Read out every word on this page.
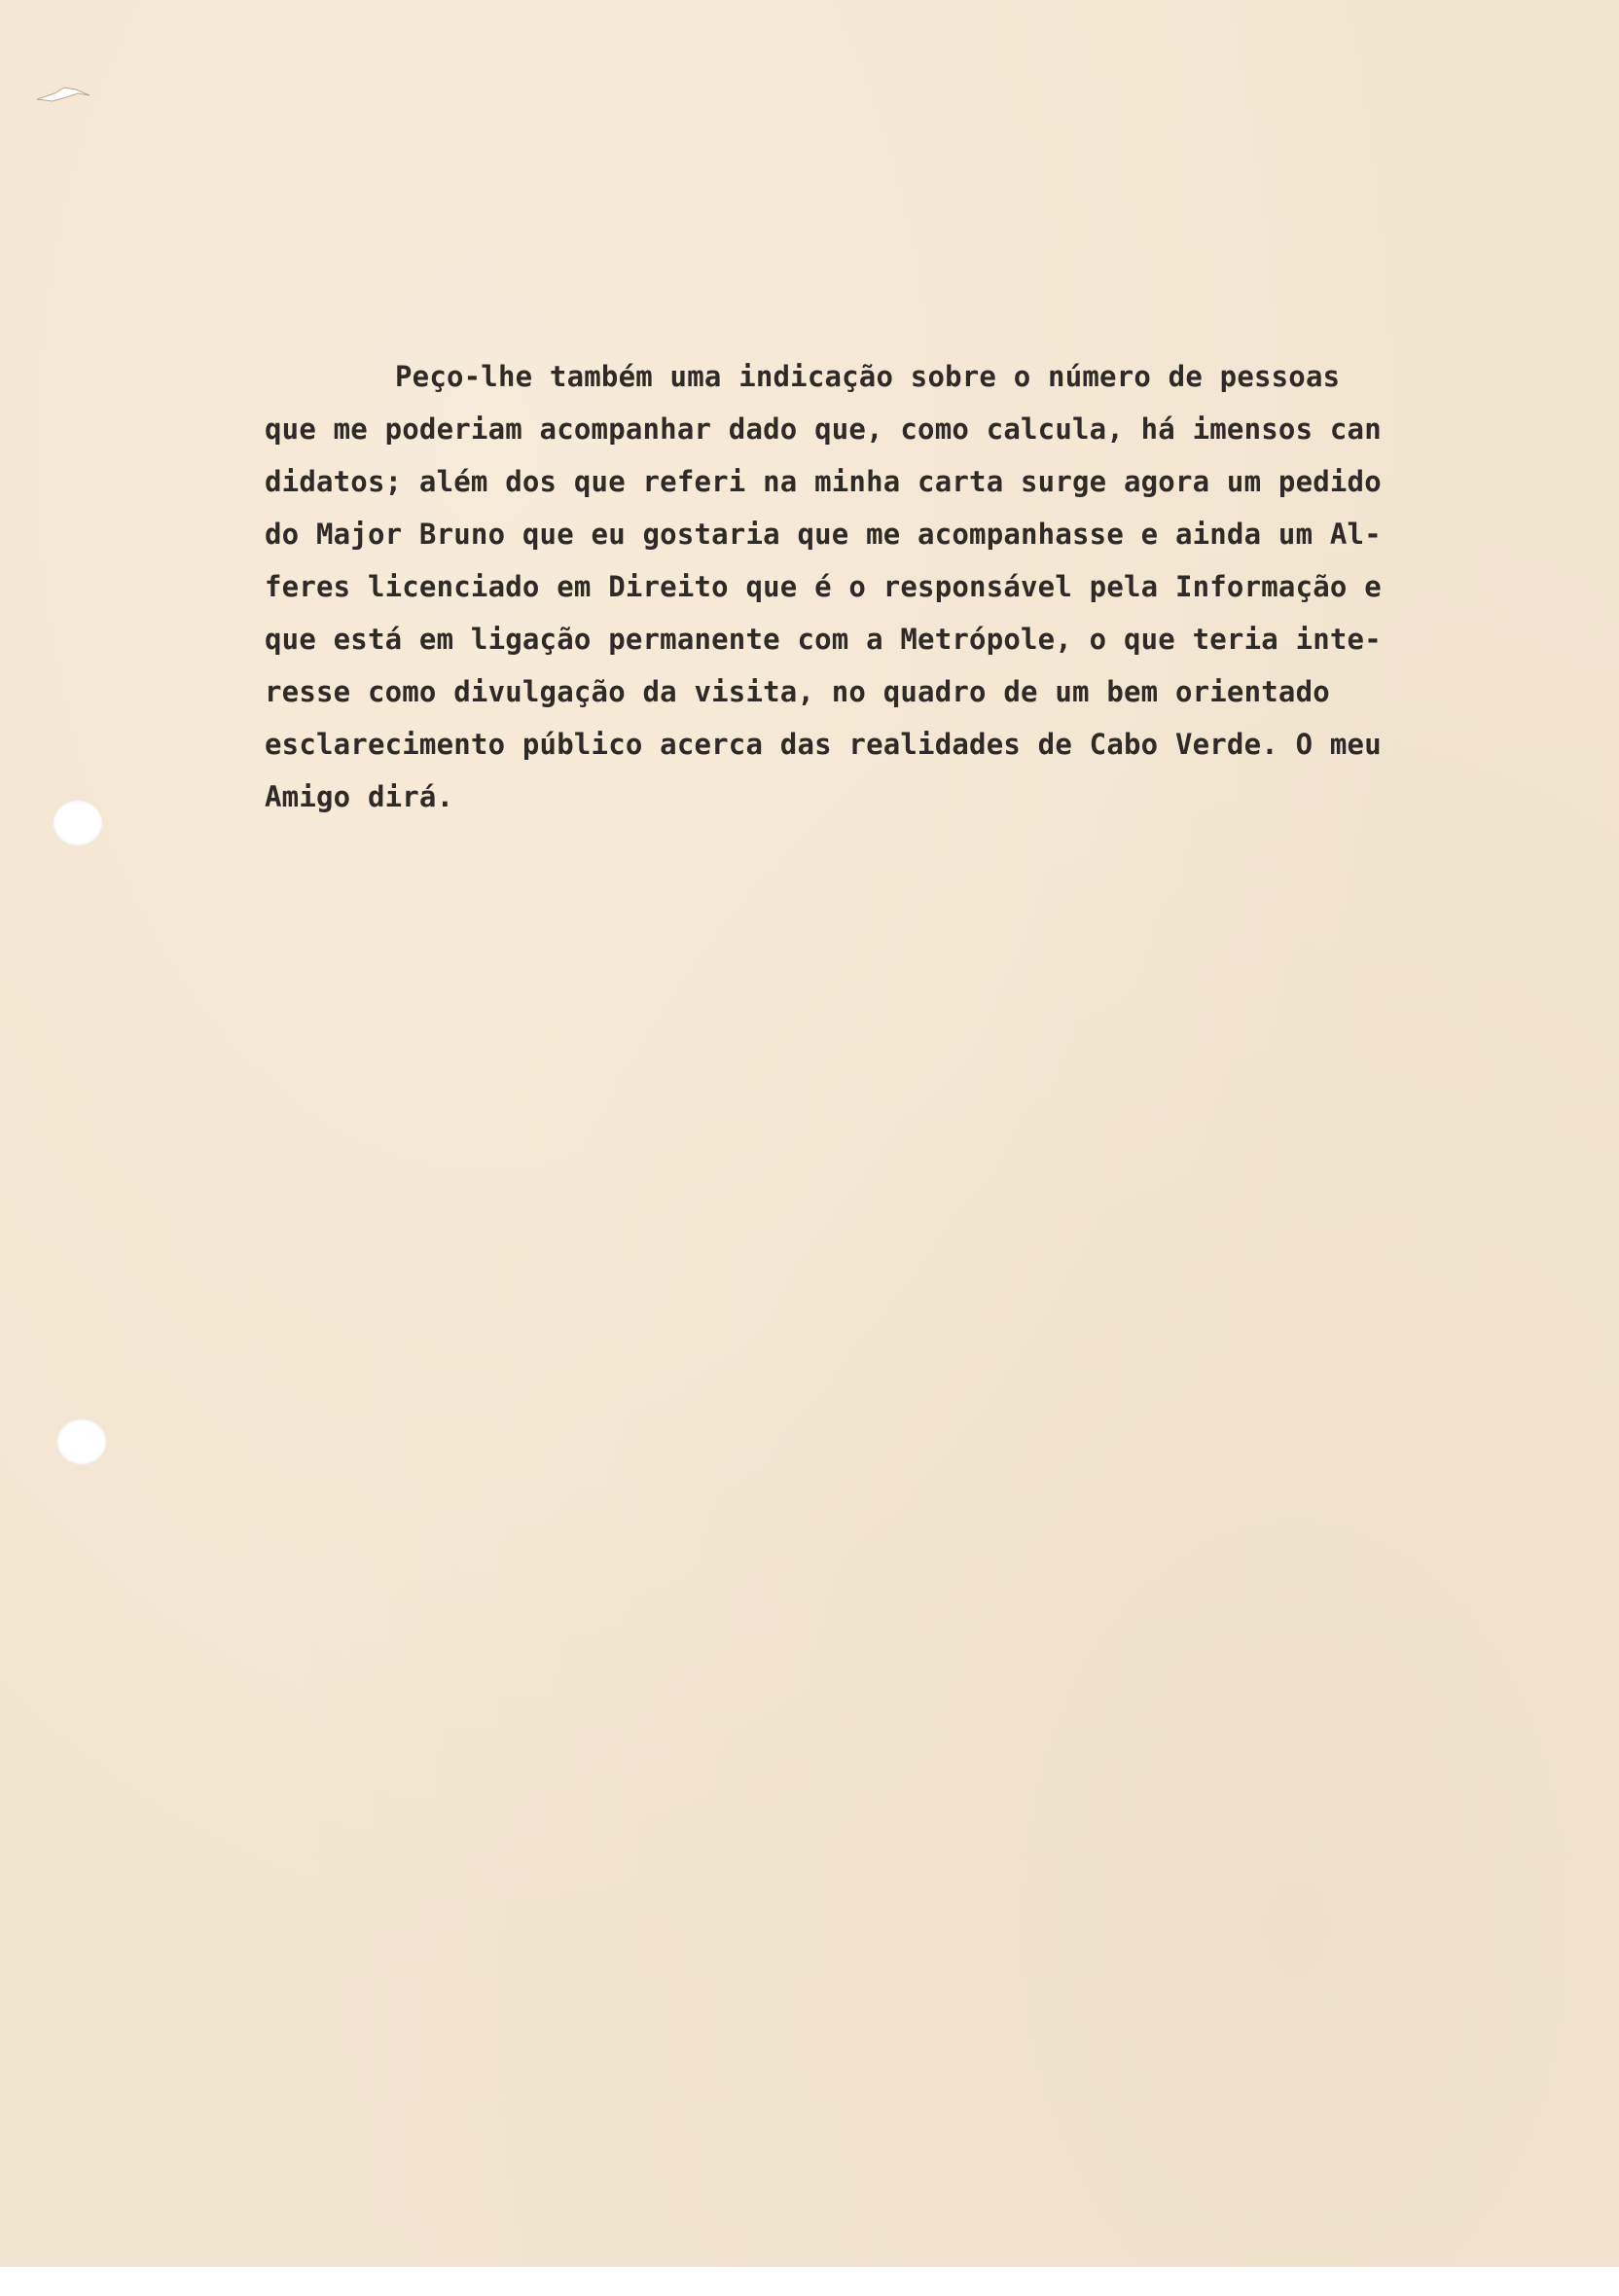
Peço-lhe também uma indicação sobre o número de pessoas
que me poderiam acompanhar dado que, como calcula, há imensos can
didatos; além dos que referi na minha carta surge agora um pedido
do Major Bruno que eu gostaria que me acompanhasse e ainda um Al-
feres licenciado em Direito que é o responsável pela Informação e
que está em ligação permanente com a Metrópole, o que teria inte-
resse como divulgação da visita, no quadro de um bem orientado
esclarecimento público acerca das realidades de Cabo Verde. O meu
Amigo dirá.
